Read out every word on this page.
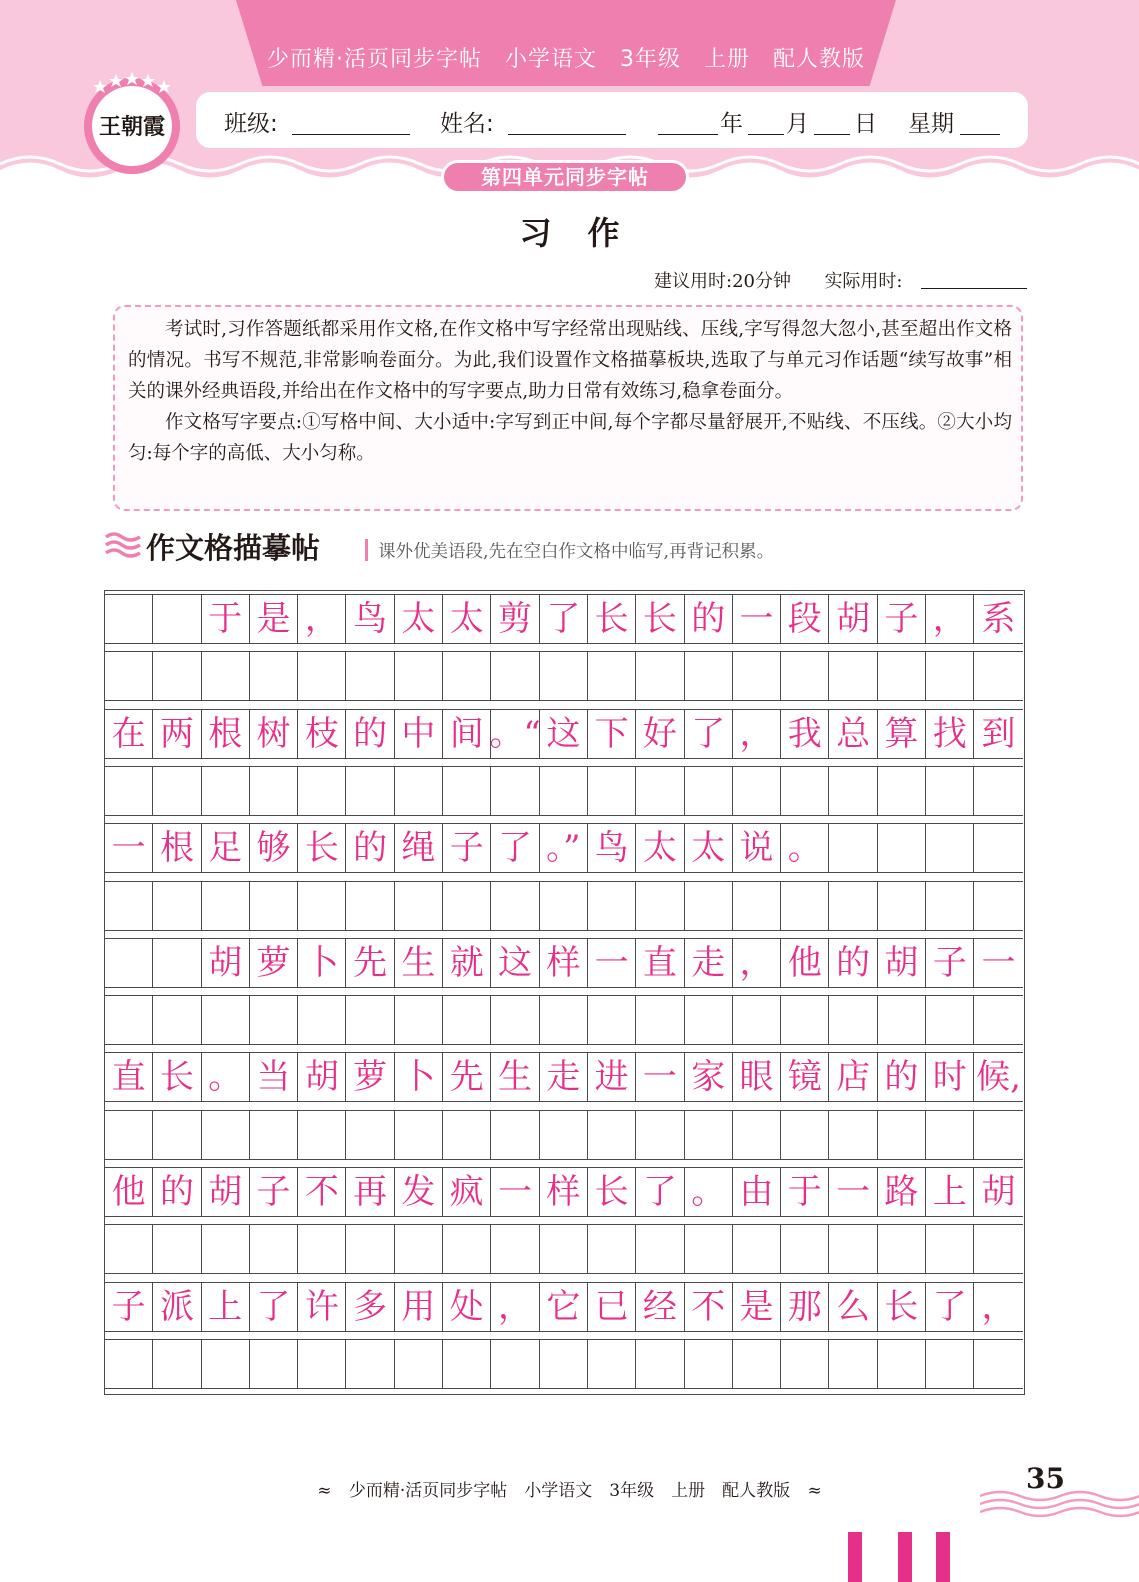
少而精·活页同步字帖　小学语文　3年级　上册　配人教版
王朝霞	班级:	姓名:	年 月 日 星期
第四单元同步字帖
习作
建议用时:20分钟 实际用时:

考试时,习作答题纸都采用作文格,在作文格中写字经常出现贴线、压线,字写得忽大忽小,甚至超出作文格的情况。书写不规范,非常影响卷面分。为此,我们设置作文格描摹板块,选取了与单元习作话题“续写故事”相关的课外经典语段,并给出在作文格中的写字要点,助力日常有效练习,稳拿卷面分。

作文格写字要点:①写格中间、大小适中:字写到正中间,每个字都尽量舒展开,不贴线、不压线。②大小均匀:每个字的高低、大小匀称。

作文格描摹帖	课外优美语段,先在空白作文格中临写,再背记积累。
于 是 ， 鸟 太 太 剪 了 长 长 的 一 段 胡 子 ， 系
在 两 根 树 枝 的 中 间 。“ 这 下 好 了 ， 我 总 算 找 到
一 根 足 够 长 的 绳 子 了 。” 鸟 太 太 说 。
胡 萝 卜 先 生 就 这 样 一 直 走 ， 他 的 胡 子 一
直 长 。 当 胡 萝 卜 先 生 走 进 一 家 眼 镜 店 的 时 候,
他 的 胡 子 不 再 发 疯 一 样 长 了 。 由 于 一 路 上 胡
子 派 上 了 许 多 用 处 ， 它 已 经 不 是 那 么 长 了 ，
≈ 少而精·活页同步字帖　小学语文　3年级　上册　配人教版 ≈	35
